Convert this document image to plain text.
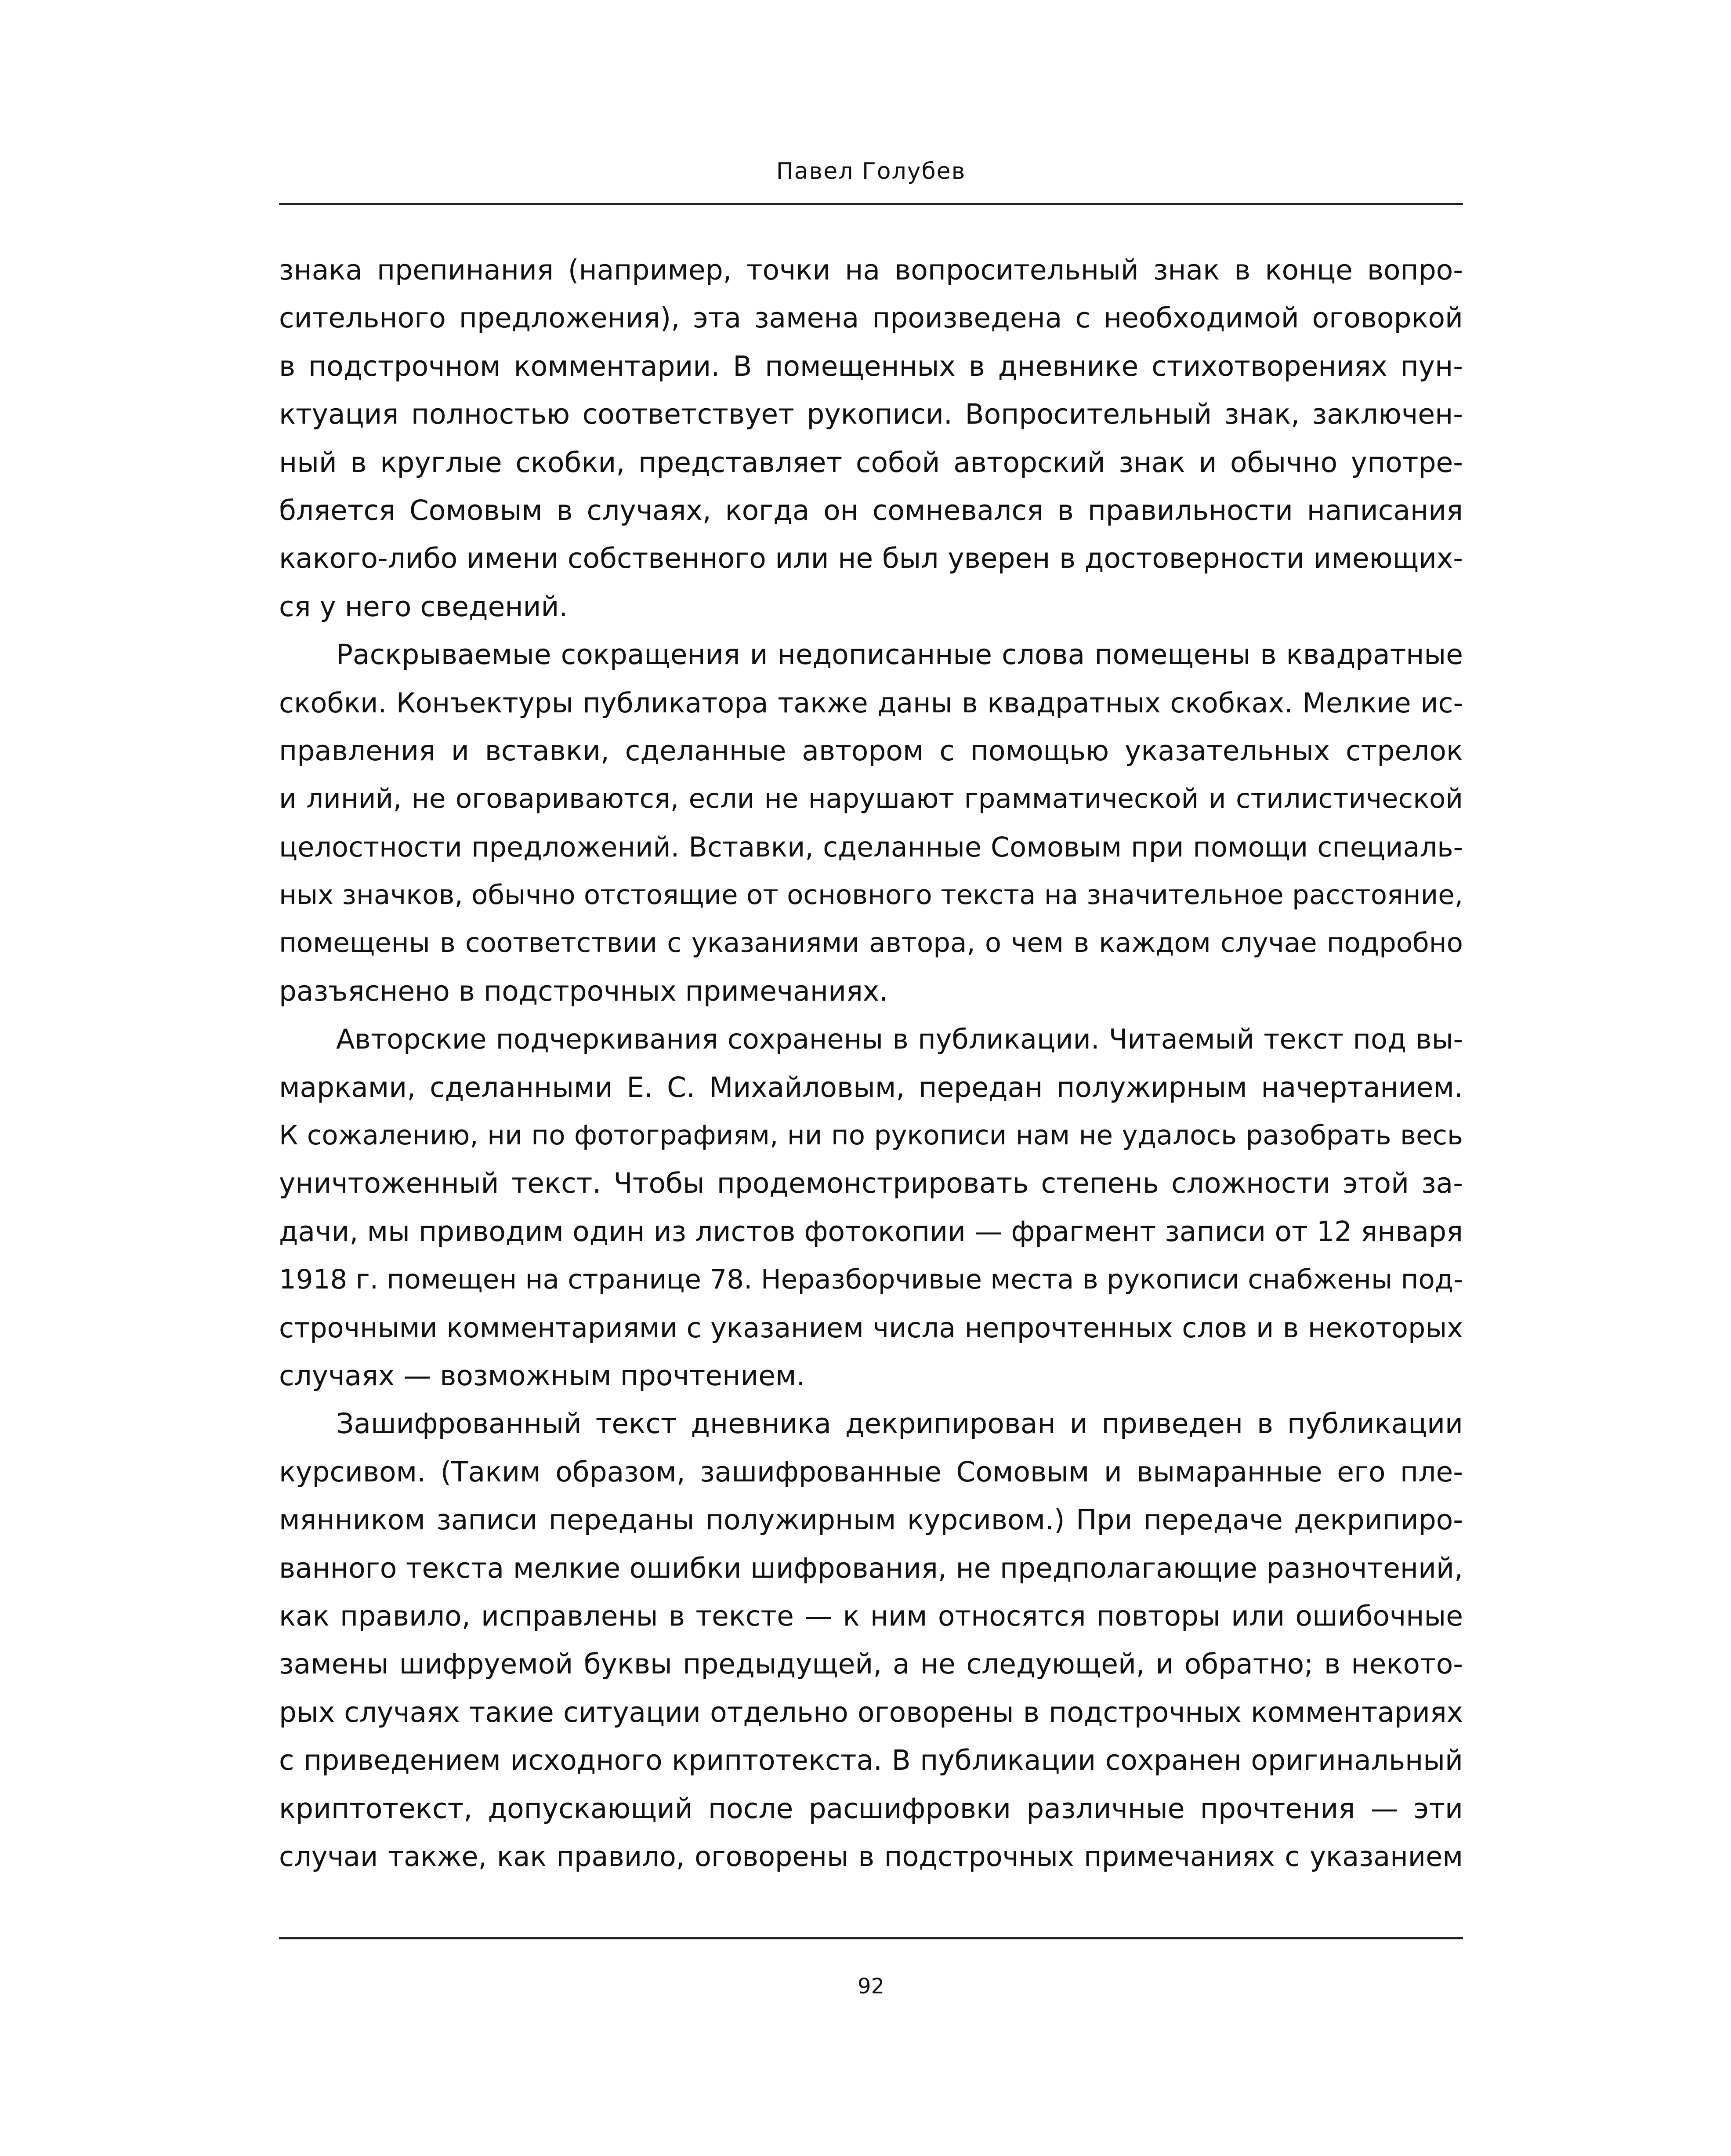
Павел Голубев
знака препинания (например, точки на вопросительный знак в конце вопро-
сительного предложения), эта замена произведена с необходимой оговоркой
в подстрочном комментарии. В помещенных в дневнике стихотворениях пун-
ктуация полностью соответствует рукописи. Вопросительный знак, заключен-
ный в круглые скобки, представляет собой авторский знак и обычно употре-
бляется Сомовым в случаях, когда он сомневался в правильности написания
какого-либо имени собственного или не был уверен в достоверности имеющих-
ся у него сведений.
Раскрываемые сокращения и недописанные слова помещены в квадратные
скобки. Конъектуры публикатора также даны в квадратных скобках. Мелкие ис-
правления и вставки, сделанные автором с помощью указательных стрелок
и линий, не оговариваются, если не нарушают грамматической и стилистической
целостности предложений. Вставки, сделанные Сомовым при помощи специаль-
ных значков, обычно отстоящие от основного текста на значительное расстояние,
помещены в соответствии с указаниями автора, о чем в каждом случае подробно
разъяснено в подстрочных примечаниях.
Авторские подчеркивания сохранены в публикации. Читаемый текст под вы-
марками, сделанными Е. С. Михайловым, передан полужирным начертанием.
К сожалению, ни по фотографиям, ни по рукописи нам не удалось разобрать весь
уничтоженный текст. Чтобы продемонстрировать степень сложности этой за-
дачи, мы приводим один из листов фотокопии — фрагмент записи от 12 января
1918 г. помещен на странице 78. Неразборчивые места в рукописи снабжены под-
строчными комментариями с указанием числа непрочтенных слов и в некоторых
случаях — возможным прочтением.
Зашифрованный текст дневника декрипирован и приведен в публикации
курсивом. (Таким образом, зашифрованные Сомовым и вымаранные его пле-
мянником записи переданы полужирным курсивом.) При передаче декрипиро-
ванного текста мелкие ошибки шифрования, не предполагающие разночтений,
как правило, исправлены в тексте — к ним относятся повторы или ошибочные
замены шифруемой буквы предыдущей, а не следующей, и обратно; в некото-
рых случаях такие ситуации отдельно оговорены в подстрочных комментариях
с приведением исходного криптотекста. В публикации сохранен оригинальный
криптотекст, допускающий после расшифровки различные прочтения — эти
случаи также, как правило, оговорены в подстрочных примечаниях с указанием
92
